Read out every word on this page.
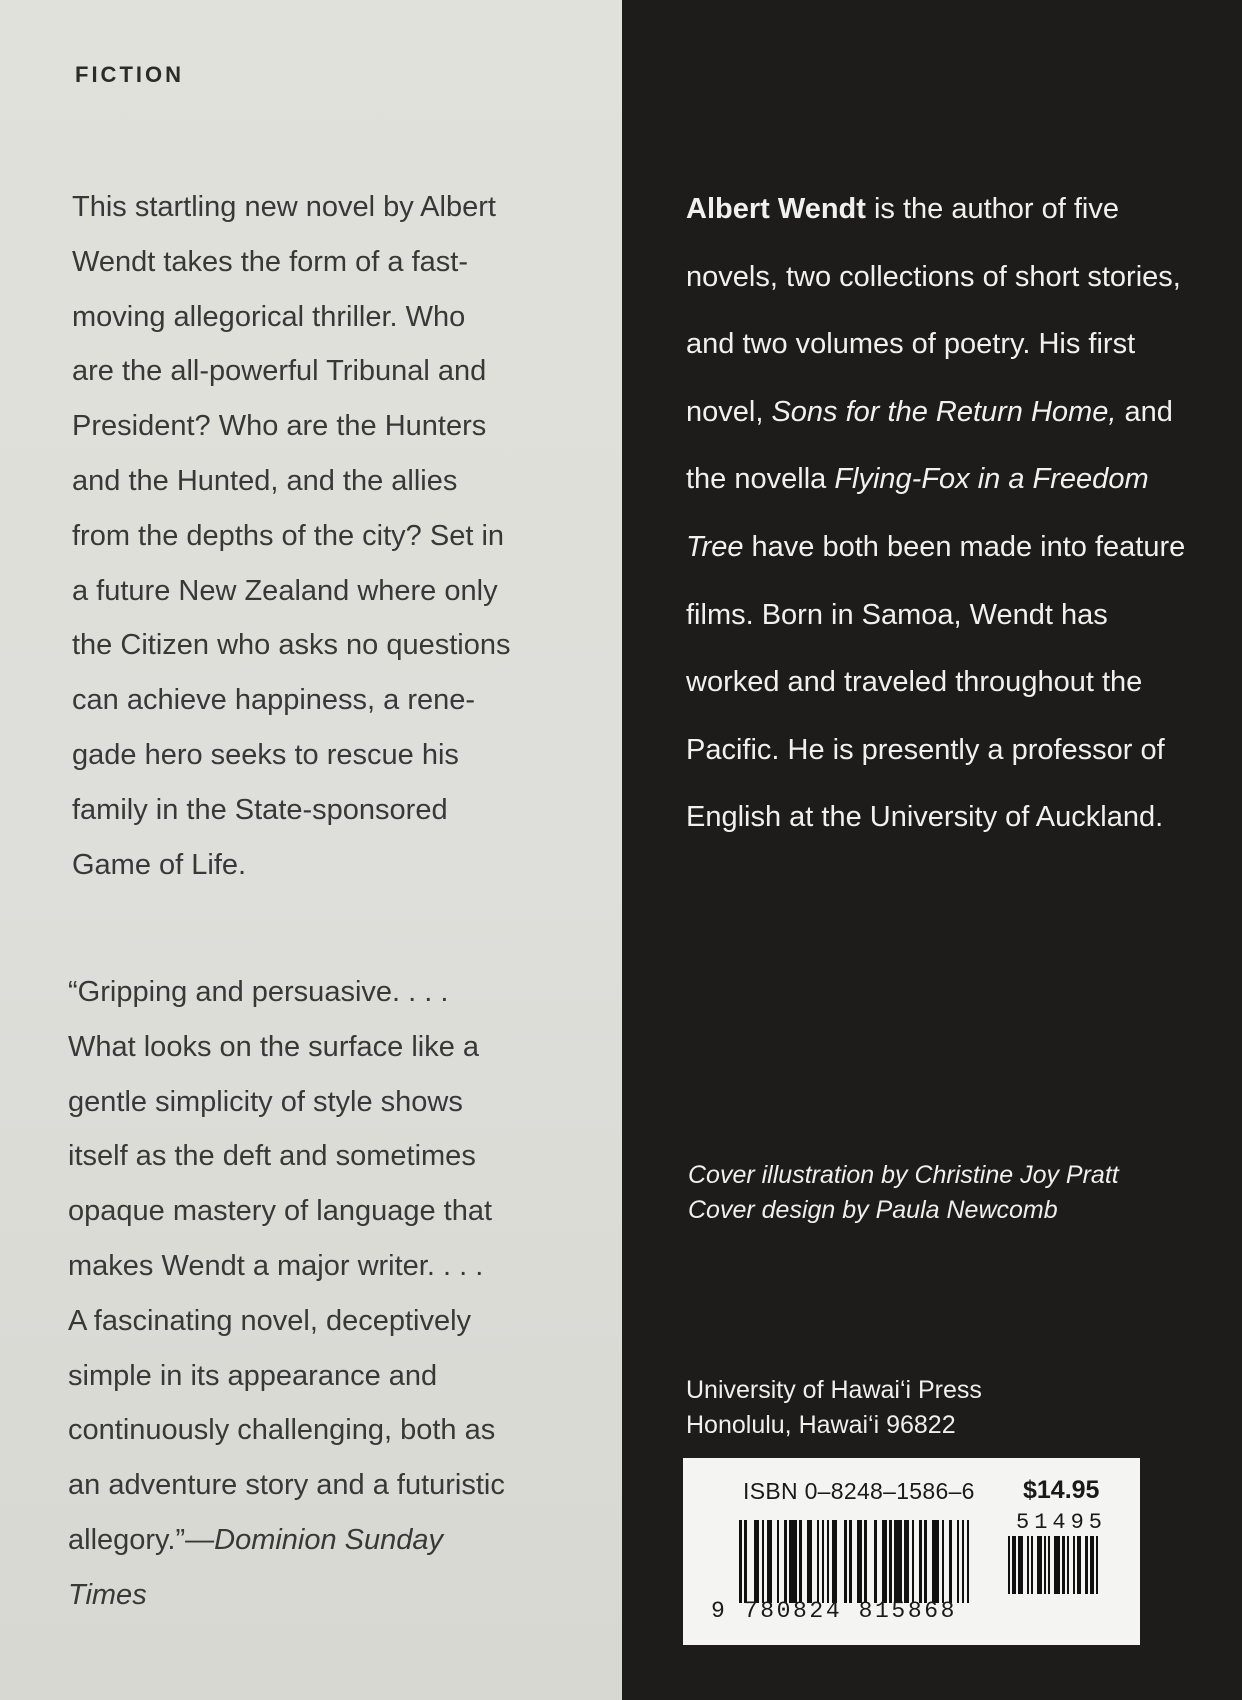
FICTION

This startling new novel by Albert

Wendt takes the form of a fast-

moving allegorical thriller. Who

are the all-powerful Tribunal and

President? Who are the Hunters

and the Hunted, and the allies

from the depths of the city? Set in

a future New Zealand where only

the Citizen who asks no questions

can achieve happiness, a rene-

gade hero seeks to rescue his

family in the State-sponsored

Game of Life.

“Gripping and persuasive. . . .

What looks on the surface like a

gentle simplicity of style shows

itself as the deft and sometimes

opaque mastery of language that

makes Wendt a major writer. . . .

A fascinating novel, deceptively

simple in its appearance and

continuously challenging, both as

an adventure story and a futuristic

allegory.”—Dominion Sunday

Times

Albert Wendt is the author of five novels, two collections of short stories, and two volumes of poetry. His first novel, Sons for the Return Home, and the novella Flying-Fox in a Freedom Tree have both been made into feature films. Born in Samoa, Wendt has worked and traveled throughout the Pacific. He is presently a professor of English at the University of Auckland.
Cover illustration by Christine Joy Pratt
Cover design by Paula Newcomb
University of Hawai‘i Press
Honolulu, Hawai‘i 96822
ISBN 0–8248–1586–6 $14.95
51495
9 780824 815868
